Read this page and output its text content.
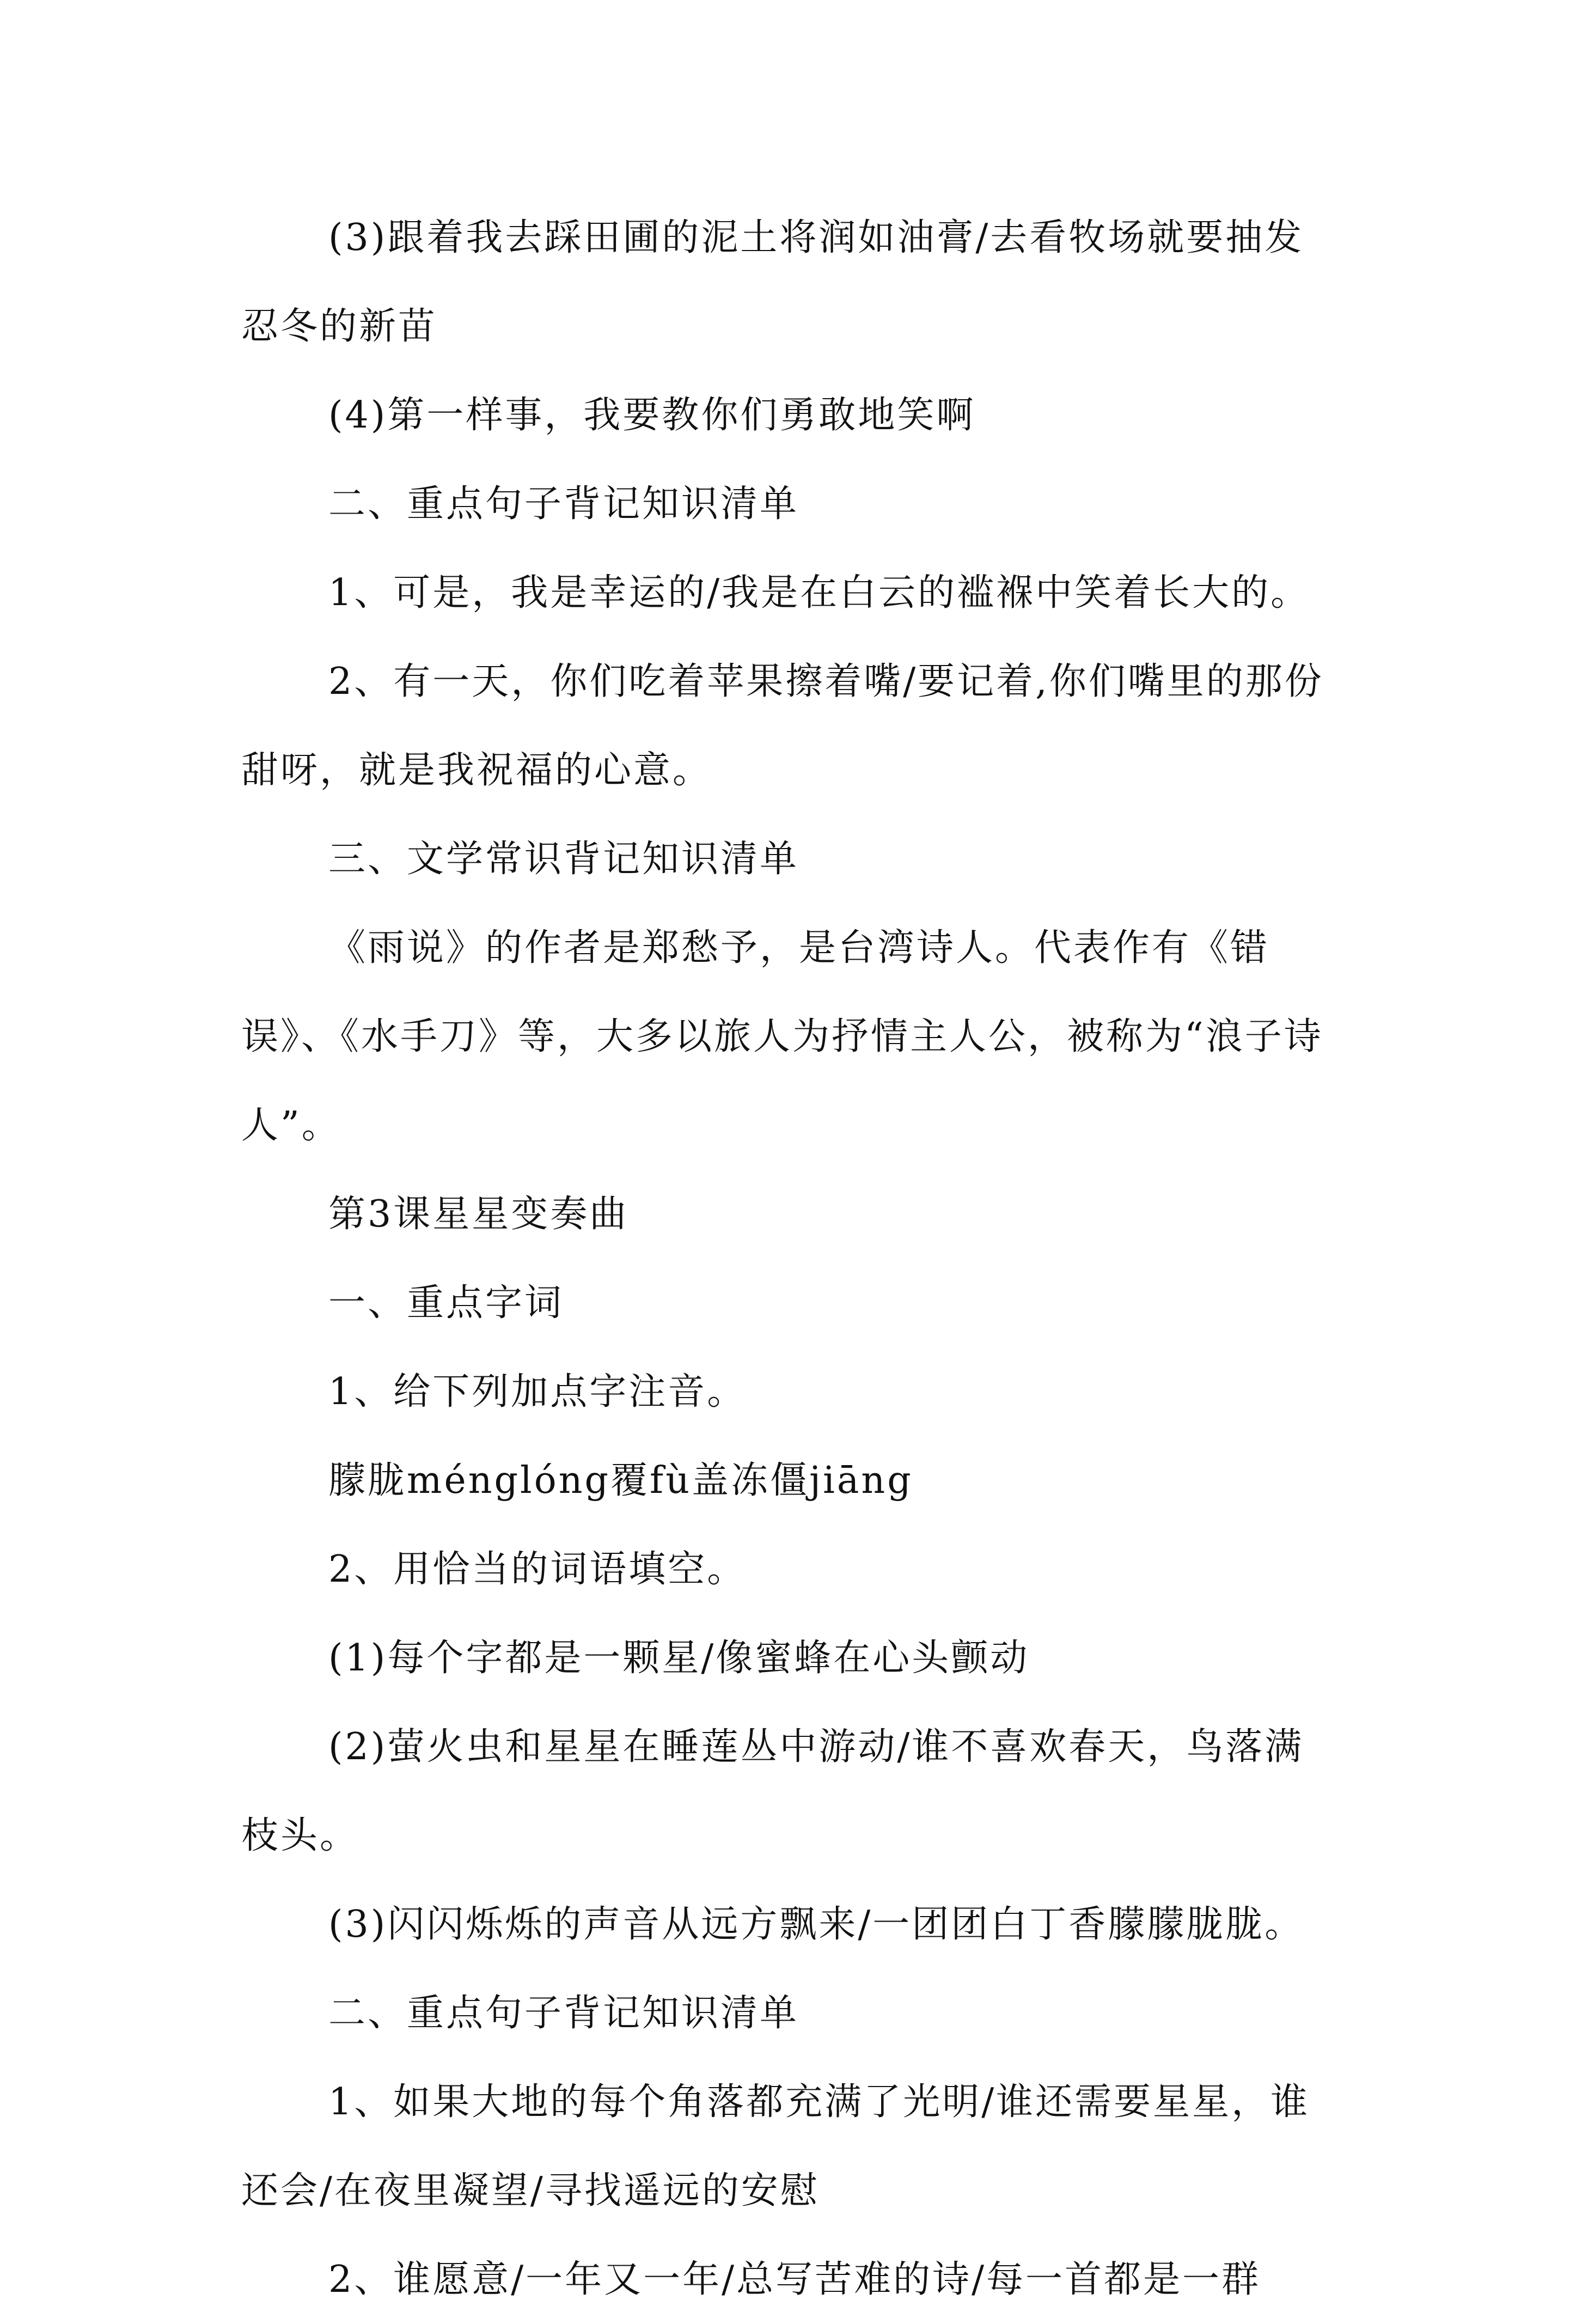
(3)跟着我去踩田圃的泥土将润如油膏/去看牧场就要抽发忍冬的新苗

(4)第一样事，我要教你们勇敢地笑啊

二、重点句子背记知识清单

1、可是，我是幸运的/我是在白云的褴褓中笑着长大的。

2、有一天，你们吃着苹果擦着嘴/要记着,你们嘴里的那份甜呀，就是我祝福的心意。

三、文学常识背记知识清单

《雨说》的作者是郑愁予，是台湾诗人。代表作有《错误》、《水手刀》等，大多以旅人为抒情主人公，被称为“浪子诗人”。

第3课星星变奏曲

一、重点字词

1、给下列加点字注音。

朦胧ménglóng覆fù盖冻僵jiāng

2、用恰当的词语填空。

(1)每个字都是一颗星/像蜜蜂在心头颤动

(2)萤火虫和星星在睡莲丛中游动/谁不喜欢春天，鸟落满枝头。

(3)闪闪烁烁的声音从远方飘来/一团团白丁香朦朦胧胧。

二、重点句子背记知识清单

1、如果大地的每个角落都充满了光明/谁还需要星星，谁还会/在夜里凝望/寻找遥远的安慰

2、谁愿意/一年又一年/总写苦难的诗/每一首都是一群
